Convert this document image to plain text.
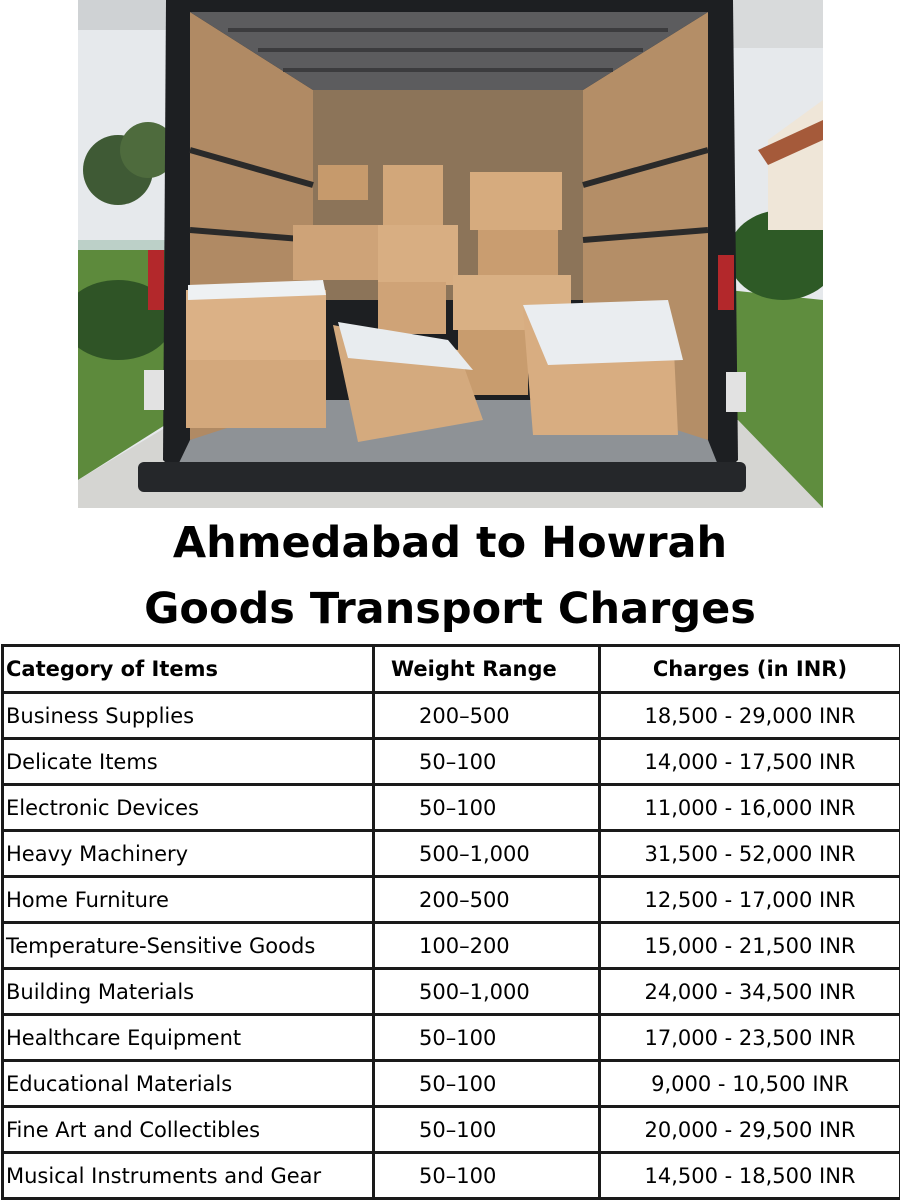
Ahmedabad to Howrah
Goods Transport Charges
Category of Items	Weight Range	Charges (in INR)
Business Supplies	200–500	18,500 - 29,000 INR
Delicate Items	50–100	14,000 - 17,500 INR
Electronic Devices	50–100	11,000 - 16,000 INR
Heavy Machinery	500–1,000	31,500 - 52,000 INR
Home Furniture	200–500	12,500 - 17,000 INR
Temperature-Sensitive Goods	100–200	15,000 - 21,500 INR
Building Materials	500–1,000	24,000 - 34,500 INR
Healthcare Equipment	50–100	17,000 - 23,500 INR
Educational Materials	50–100	9,000 - 10,500 INR
Fine Art and Collectibles	50–100	20,000 - 29,500 INR
Musical Instruments and Gear	50–100	14,500 - 18,500 INR
